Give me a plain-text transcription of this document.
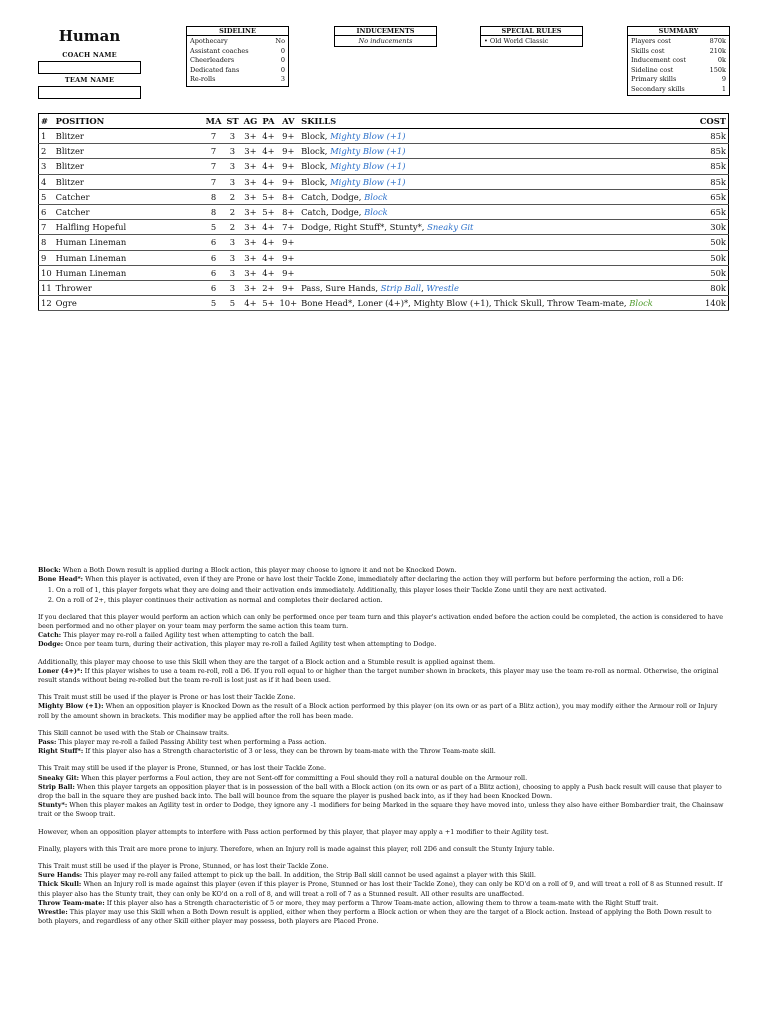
Human
COACH NAME
TEAM NAME
SIDELINE
Apothecary	No
Assistant coaches	0
Cheerleaders	0
Dedicated fans	0
Re-rolls	3
INDUCEMENTS
No inducements
SPECIAL RULES
• Old World Classic
SUMMARY
Players cost	870k
Skills cost	210k
Inducement cost	0k
Sideline cost	150k
Primary skills	9
Secondary skills	1
#	POSITION	MA	ST	AG	PA	AV	SKILLS	COST
1	Blitzer	7	3	3+	4+	9+	Block, Mighty Blow (+1)	85k
2	Blitzer	7	3	3+	4+	9+	Block, Mighty Blow (+1)	85k
3	Blitzer	7	3	3+	4+	9+	Block, Mighty Blow (+1)	85k
4	Blitzer	7	3	3+	4+	9+	Block, Mighty Blow (+1)	85k
5	Catcher	8	2	3+	5+	8+	Catch, Dodge, Block	65k
6	Catcher	8	2	3+	5+	8+	Catch, Dodge, Block	65k
7	Halfling Hopeful	5	2	3+	4+	7+	Dodge, Right Stuff*, Stunty*, Sneaky Git	30k
8	Human Lineman	6	3	3+	4+	9+		50k
9	Human Lineman	6	3	3+	4+	9+		50k
10	Human Lineman	6	3	3+	4+	9+		50k
11	Thrower	6	3	3+	2+	9+	Pass, Sure Hands, Strip Ball, Wrestle	80k
12	Ogre	5	5	4+	5+	10+	Bone Head*, Loner (4+)*, Mighty Blow (+1), Thick Skull, Throw Team-mate, Block	140k

Block: When a Both Down result is applied during a Block action, this player may choose to ignore it and not be Knocked Down.

Bone Head*: When this player is activated, even if they are Prone or have lost their Tackle Zone, immediately after declaring the action they will perform but before performing the action, roll a D6:

1. On a roll of 1, this player forgets what they are doing and their activation ends immediately. Additionally, this player loses their Tackle Zone until they are next activated.
2. On a roll of 2+, this player continues their activation as normal and completes their declared action.

If you declared that this player would perform an action which can only be performed once per team turn and this player's activation ended before the action could be completed, the action is considered to have been performed and no other player on your team may perform the same action this team turn.

Catch: This player may re-roll a failed Agility test when attempting to catch the ball.

Dodge: Once per team turn, during their activation, this player may re-roll a failed Agility test when attempting to Dodge.

Additionally, this player may choose to use this Skill when they are the target of a Block action and a Stumble result is applied against them.

Loner (4+)*: If this player wishes to use a team re-roll, roll a D6. If you roll equal to or higher than the target number shown in brackets, this player may use the team re-roll as normal. Otherwise, the original result stands without being re-rolled but the team re-roll is lost just as if it had been used.

This Trait must still be used if the player is Prone or has lost their Tackle Zone.

Mighty Blow (+1): When an opposition player is Knocked Down as the result of a Block action performed by this player (on its own or as part of a Blitz action), you may modify either the Armour roll or Injury roll by the amount shown in brackets. This modifier may be applied after the roll has been made.

This Skill cannot be used with the Stab or Chainsaw traits.

Pass: This player may re-roll a failed Passing Ability test when performing a Pass action.

Right Stuff*: If this player also has a Strength characteristic of 3 or less, they can be thrown by team-mate with the Throw Team-mate skill.

This Trait may still be used if the player is Prone, Stunned, or has lost their Tackle Zone.

Sneaky Git: When this player performs a Foul action, they are not Sent-off for committing a Foul should they roll a natural double on the Armour roll.

Strip Ball: When this player targets an opposition player that is in possession of the ball with a Block action (on its own or as part of a Blitz action), choosing to apply a Push back result will cause that player to drop the ball in the square they are pushed back into. The ball will bounce from the square the player is pushed back into, as if they had been Knocked Down.

Stunty*: When this player makes an Agility test in order to Dodge, they ignore any -1 modifiers for being Marked in the square they have moved into, unless they also have either Bombardier trait, the Chainsaw trait or the Swoop trait.

However, when an opposition player attempts to interfere with Pass action performed by this player, that player may apply a +1 modifier to their Agility test.

Finally, players with this Trait are more prone to injury. Therefore, when an Injury roll is made against this player, roll 2D6 and consult the Stunty Injury table.

This Trait must still be used if the player is Prone, Stunned, or has lost their Tackle Zone.

Sure Hands: This player may re-roll any failed attempt to pick up the ball. In addition, the Strip Ball skill cannot be used against a player with this Skill.

Thick Skull: When an Injury roll is made against this player (even if this player is Prone, Stunned or has lost their Tackle Zone), they can only be KO'd on a roll of 9, and will treat a roll of 8 as Stunned result. If this player also has the Stunty trait, they can only be KO'd on a roll of 8, and will treat a roll of 7 as a Stunned result. All other results are unaffected.

Throw Team-mate: If this player also has a Strength characteristic of 5 or more, they may perform a Throw Team-mate action, allowing them to throw a team-mate with the Right Stuff trait.

Wrestle: This player may use this Skill when a Both Down result is applied, either when they perform a Block action or when they are the target of a Block action. Instead of applying the Both Down result to both players, and regardless of any other Skill either player may possess, both players are Placed Prone.
